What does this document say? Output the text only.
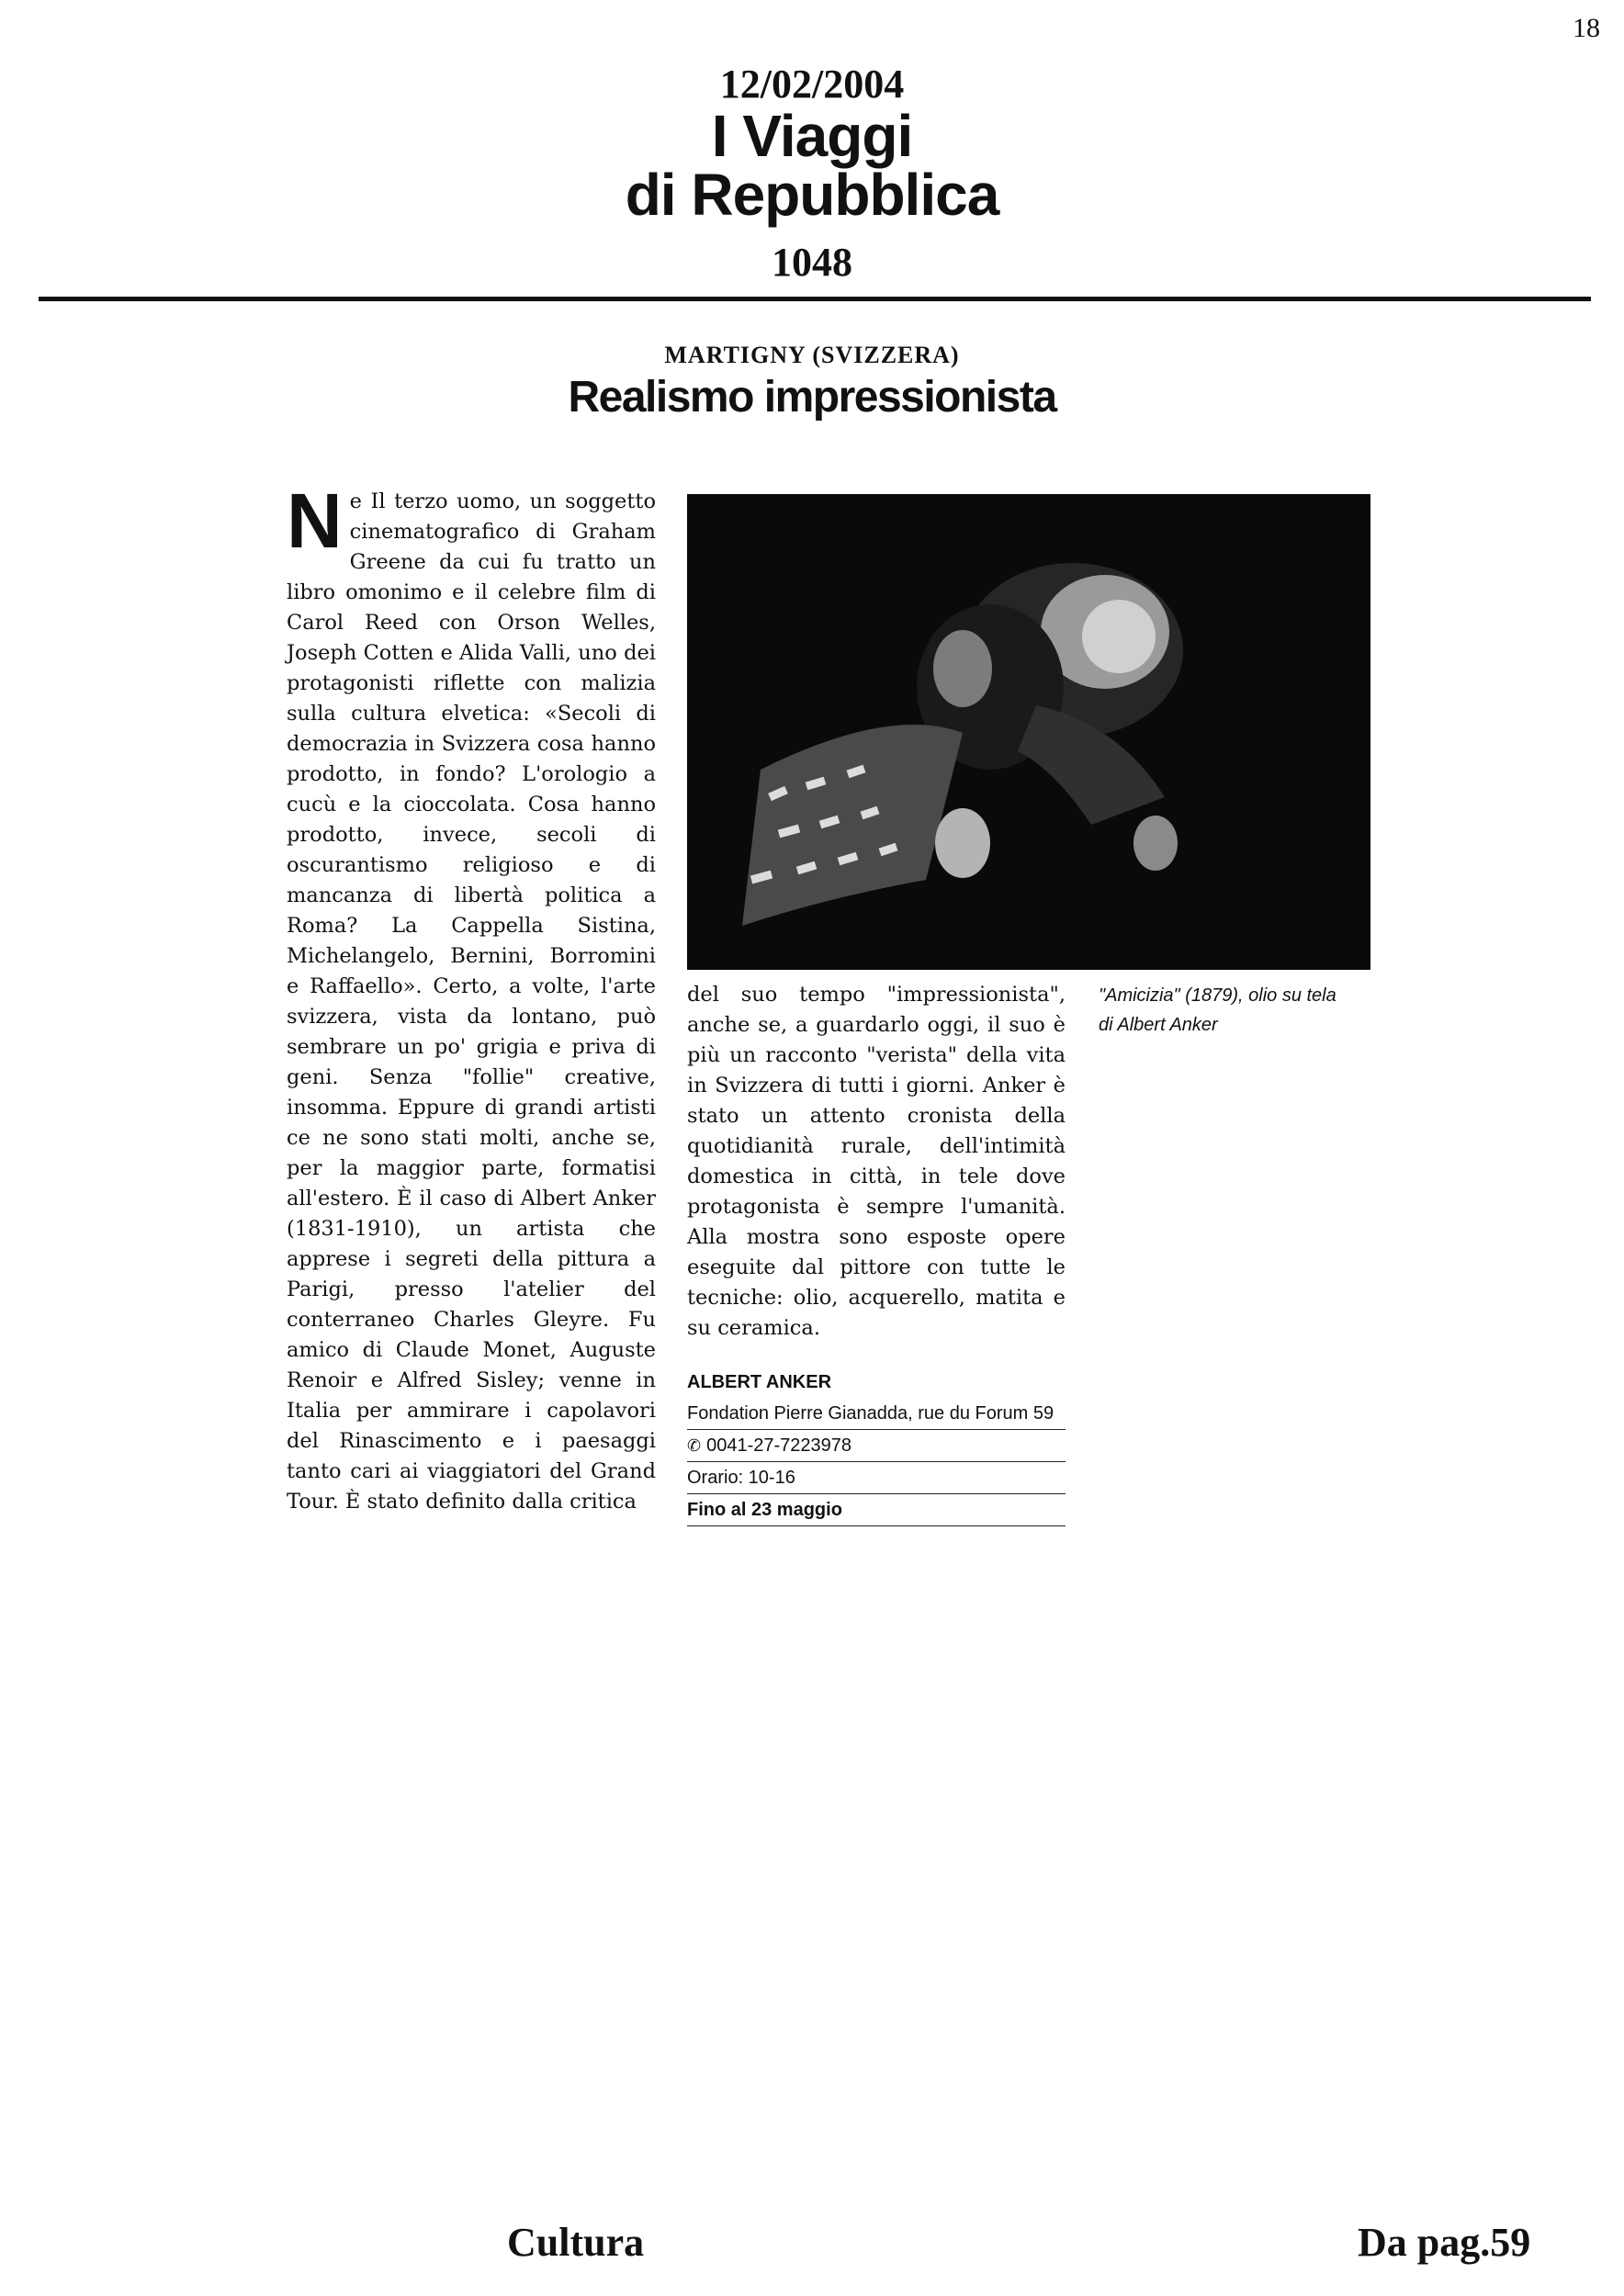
18
12/02/2004
I Viaggi
di Repubblica
1048
MARTIGNY (SVIZZERA)
Realismo impressionista
N e Il terzo uomo, un soggetto cinematografico di Graham Greene da cui fu tratto un libro omonimo e il celebre film di Carol Reed con Orson Welles, Joseph Cotten e Alida Valli, uno dei protagonisti riflette con malizia sulla cultura elvetica: «Secoli di democrazia in Svizzera cosa hanno prodotto, in fondo? L'orologio a cucù e la cioccolata. Cosa hanno prodotto, invece, secoli di oscurantismo religioso e di mancanza di libertà politica a Roma? La Cappella Sistina, Michelangelo, Bernini, Borromini e Raffaello». Certo, a volte, l'arte svizzera, vista da lontano, può sembrare un po' grigia e priva di geni. Senza "follie" creative, insomma. Eppure di grandi artisti ce ne sono stati molti, anche se, per la maggior parte, formatisi all'estero. È il caso di Albert Anker (1831-1910), un artista che apprese i segreti della pittura a Parigi, presso l'atelier del conterraneo Charles Gleyre. Fu amico di Claude Monet, Auguste Renoir e Alfred Sisley; venne in Italia per ammirare i capolavori del Rinascimento e i paesaggi tanto cari ai viaggiatori del Grand Tour. È stato definito dalla critica

del suo tempo "impressionista", anche se, a guardarlo oggi, il suo è più un racconto "verista" della vita in Svizzera di tutti i giorni. Anker è stato un attento cronista della quotidianità rurale, dell'intimità domestica in città, in tele dove protagonista è sempre l'umanità. Alla mostra sono esposte opere eseguite dal pittore con tutte le tecniche: olio, acquerello, matita e su ceramica.

"Amicizia" (1879), olio su tela
di Albert Anker
ALBERT ANKER
Fondation Pierre Gianadda, rue du Forum 59
✆ 0041-27-7223978
Orario: 10-16
Fino al 23 maggio
Cultura	Da pag.59
